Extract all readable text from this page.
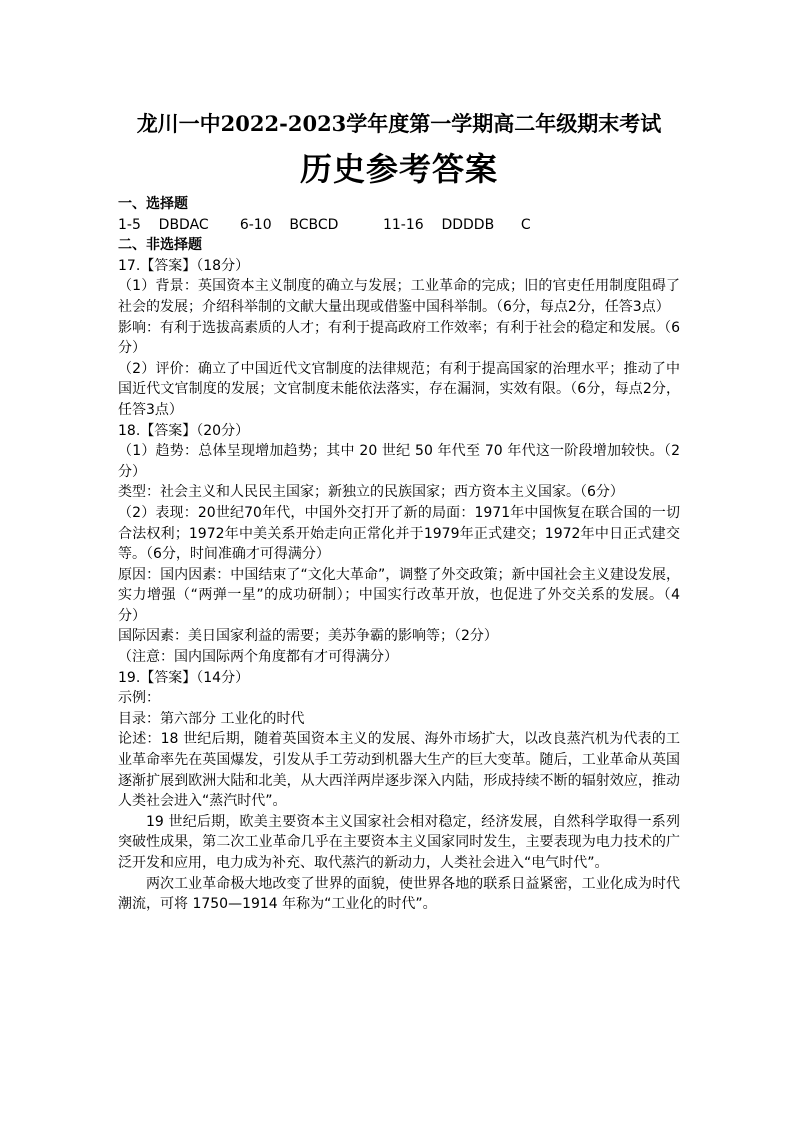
龙川一中2022-2023学年度第一学期高二年级期末考试
历史参考答案

一、选择题

1-5    DBDAC       6-10    BCBCD          11-16    DDDDB      C

二、非选择题

17.【答案】（18分）

（1）背景：英国资本主义制度的确立与发展；工业革命的完成；旧的官吏任用制度阻碍了社会的发展；介绍科举制的文献大量出现或借鉴中国科举制。（6分，每点2分，任答3点）

影响：有利于选拔高素质的人才；有利于提高政府工作效率；有利于社会的稳定和发展。（6分）

（2）评价：确立了中国近代文官制度的法律规范；有利于提高国家的治理水平；推动了中国近代文官制度的发展；文官制度未能依法落实，存在漏洞，实效有限。（6分，每点2分，任答3点）

18.【答案】（20分）

（1）趋势：总体呈现增加趋势；其中 20 世纪 50 年代至 70 年代这一阶段增加较快。（2分）

类型：社会主义和人民民主国家；新独立的民族国家；西方资本主义国家。（6分）

（2）表现：20世纪70年代，中国外交打开了新的局面：1971年中国恢复在联合国的一切合法权利；1972年中美关系开始走向正常化并于1979年正式建交；1972年中日正式建交等。（6分，时间准确才可得满分）

原因：国内因素：中国结束了“文化大革命”，调整了外交政策；新中国社会主义建设发展，实力增强（“两弹一星”的成功研制）；中国实行改革开放，也促进了外交关系的发展。（4分）

国际因素：美日国家利益的需要；美苏争霸的影响等；（2分）

（注意：国内国际两个角度都有才可得满分）

19.【答案】（14分）

示例：

目录：第六部分 工业化的时代

论述：18 世纪后期，随着英国资本主义的发展、海外市场扩大，以改良蒸汽机为代表的工业革命率先在英国爆发，引发从手工劳动到机器大生产的巨大变革。随后，工业革命从英国逐渐扩展到欧洲大陆和北美，从大西洋两岸逐步深入内陆，形成持续不断的辐射效应，推动人类社会进入“蒸汽时代”。

19 世纪后期，欧美主要资本主义国家社会相对稳定，经济发展，自然科学取得一系列突破性成果，第二次工业革命几乎在主要资本主义国家同时发生，主要表现为电力技术的广泛开发和应用，电力成为补充、取代蒸汽的新动力，人类社会进入“电气时代”。

两次工业革命极大地改变了世界的面貌，使世界各地的联系日益紧密，工业化成为时代潮流，可将 1750—1914 年称为“工业化的时代”。
